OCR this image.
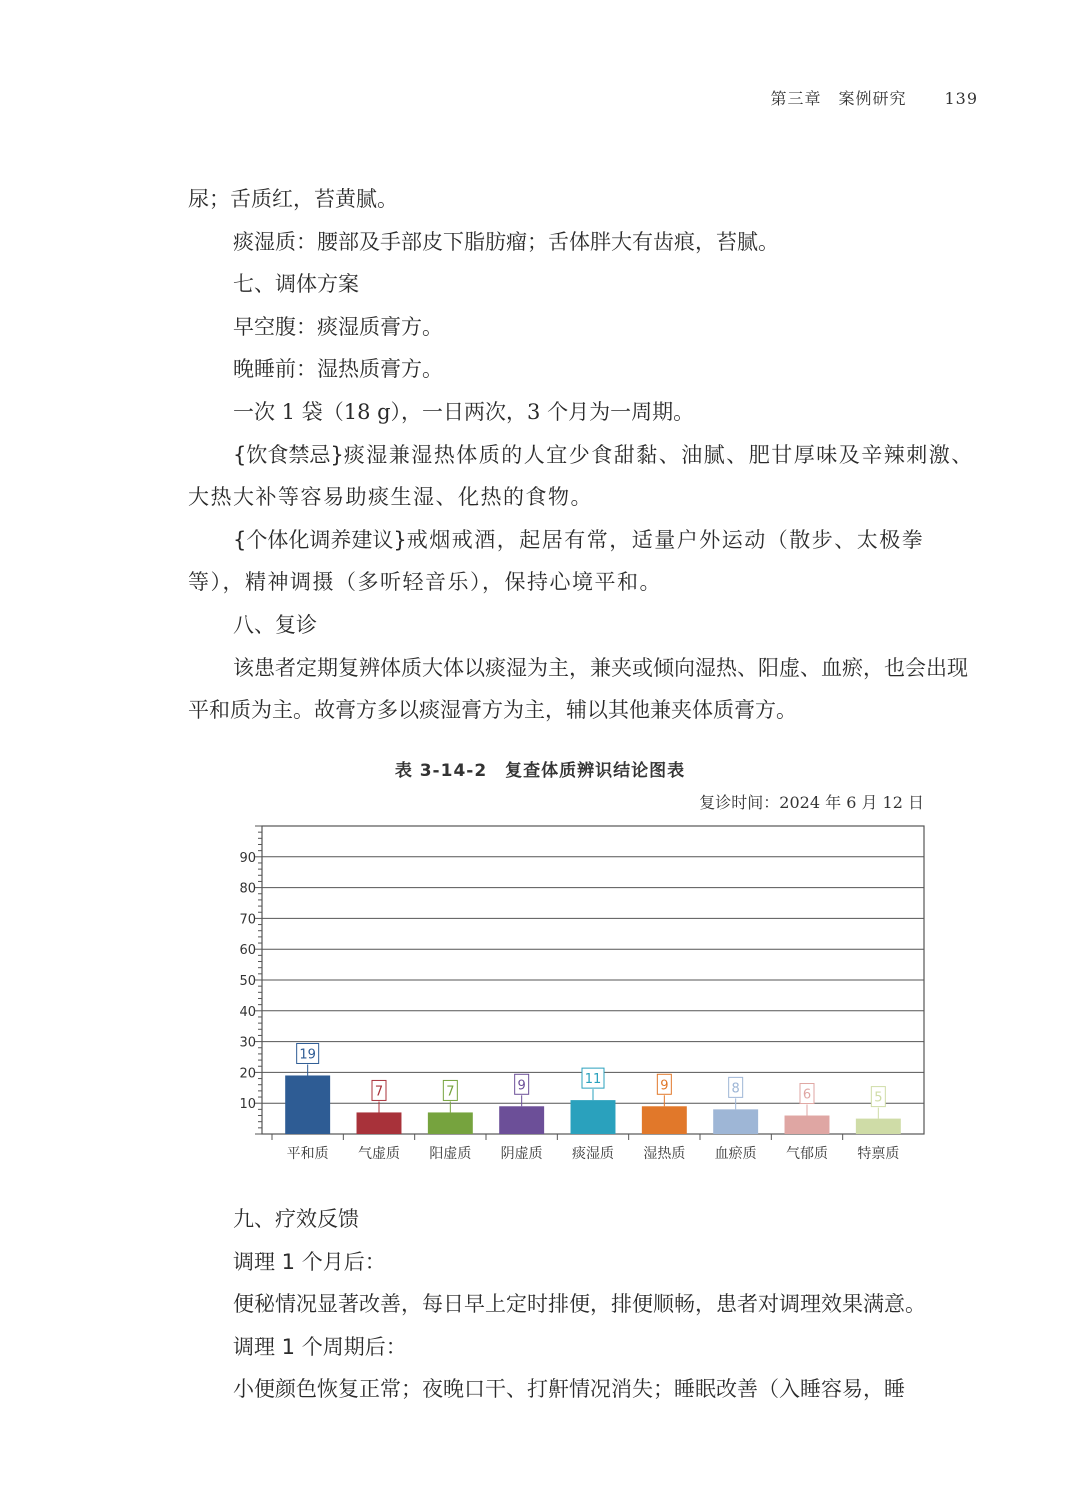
第三章　案例研究 139

尿；舌质红，苔黄腻。

痰湿质：腰部及手部皮下脂肪瘤；舌体胖大有齿痕，苔腻。

七、调体方案

早空腹：痰湿质膏方。

晚睡前：湿热质膏方。

一次 1 袋（18 g），一日两次，3 个月为一周期。

{饮食禁忌}痰湿兼湿热体质的人宜少食甜黏、油腻、肥甘厚味及辛辣刺激、大热大补等容易助痰生湿、化热的食物。

{个体化调养建议}戒烟戒酒，起居有常，适量户外运动（散步、太极拳等），精神调摄（多听轻音乐），保持心境平和。

八、复诊

该患者定期复辨体质大体以痰湿为主，兼夹或倾向湿热、阳虚、血瘀，也会出现平和质为主。故膏方多以痰湿膏方为主，辅以其他兼夹体质膏方。

表 3-14-2 复查体质辨识结论图表
复诊时间：2024 年 6 月 12 日
10
20
30
40
50
60
70
80
90
19
平和质
7
气虚质
7
阳虚质
9
阴虚质
11
痰湿质
9
湿热质
8
血瘀质
6
气郁质
5
特禀质

九、疗效反馈

调理 1 个月后：

便秘情况显著改善，每日早上定时排便，排便顺畅，患者对调理效果满意。

调理 1 个周期后：

小便颜色恢复正常；夜晚口干、打鼾情况消失；睡眠改善（入睡容易，睡
